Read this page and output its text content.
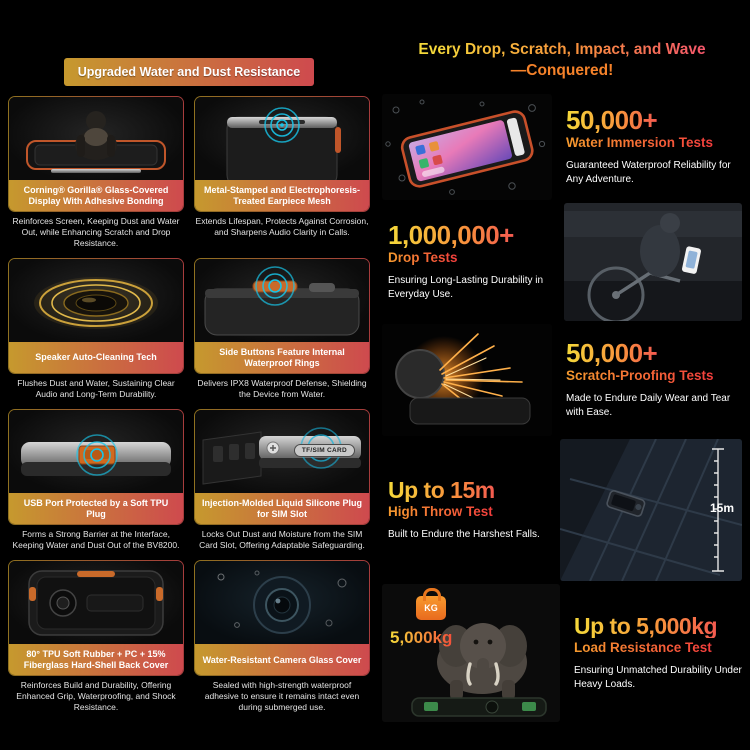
Upgraded Water and Dust Resistance
Corning® Gorilla® Glass-Covered Display With Adhesive Bonding
Reinforces Screen, Keeping Dust and Water Out, while Enhancing Scratch and Drop Resistance.
Metal-Stamped and Electrophoresis-Treated Earpiece Mesh
Extends Lifespan, Protects Against Corrosion, and Sharpens Audio Clarity in Calls.
Speaker Auto-Cleaning Tech
Flushes Dust and Water, Sustaining Clear Audio and Long-Term Durability.
Side Buttons Feature Internal Waterproof Rings
Delivers IPX8 Waterproof Defense, Shielding the Device from Water.
USB Port Protected by a Soft TPU Plug
Forms a Strong Barrier at the Interface, Keeping Water and Dust Out of the BV8200.
TF/SIM CARD
Injection-Molded Liquid Silicone Plug for SIM Slot
Locks Out Dust and Moisture from the SIM Card Slot, Offering Adaptable Safeguarding.
80° TPU Soft Rubber + PC + 15% Fiberglass Hard-Shell Back Cover
Reinforces Build and Durability, Offering Enhanced Grip, Waterproofing, and Shock Resistance.
Water-Resistant Camera Glass Cover
Sealed with high-strength waterproof adhesive to ensure it remains intact even during submerged use.
Every Drop, Scratch, Impact, and Wave
—Conquered!
50,000+
Water Immersion Tests
Guaranteed Waterproof Reliability for Any Adventure.
1,000,000+
Drop Tests
Ensuring Long-Lasting Durability in Everyday Use.
50,000+
Scratch-Proofing Tests
Made to Endure Daily Wear and Tear with Ease.
Up to 15m
High Throw Test
Built to Endure the Harshest Falls.
15m
KG
5,000kg	Up to 5,000kg
Load Resistance Test
Ensuring Unmatched Durability Under Heavy Loads.
